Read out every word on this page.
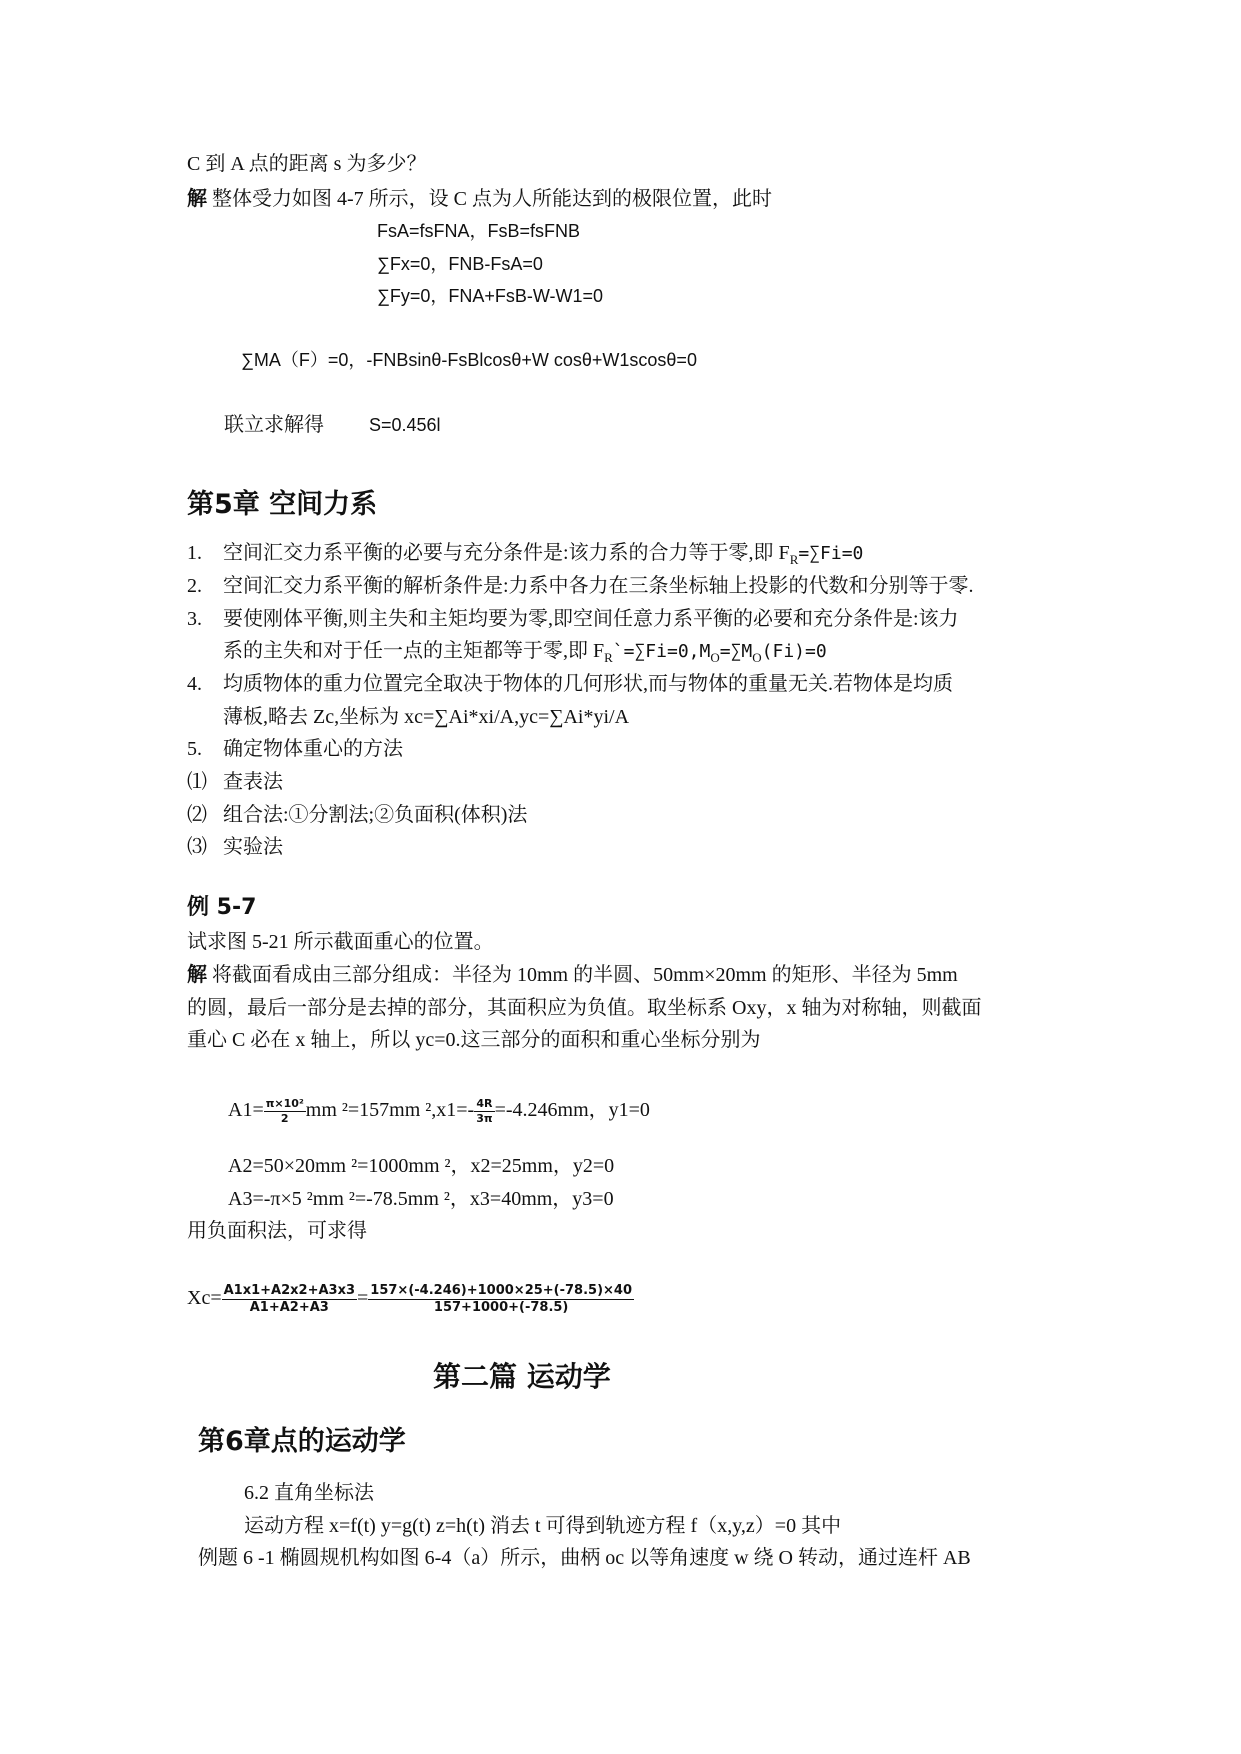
C 到 A 点的距离 s 为多少？
解 整体受力如图 4-7 所示，设 C 点为人所能达到的极限位置，此时
FsA=fsFNA，FsB=fsFNB
∑Fx=0，FNB-FsA=0
∑Fy=0，FNA+FsB-W-W1=0
∑MA（F）=0，-FNBsinθ-FsBlcosθ+W cosθ+W1scosθ=0
联立求解得	S=0.456l
第5章 空间力系
1. 空间汇交力系平衡的必要与充分条件是:该力系的合力等于零,即 $F_R=\sum Fi=0$
2. 空间汇交力系平衡的解析条件是:力系中各力在三条坐标轴上投影的代数和分别等于零.
3. 要使刚体平衡,则主失和主矩均要为零,即空间任意力系平衡的必要和充分条件是:该力
系的主失和对于任一点的主矩都等于零,即 $F_R`=\sum Fi=0,M_O=\sum M_O(Fi)=0$
4. 均质物体的重力位置完全取决于物体的几何形状,而与物体的重量无关.若物体是均质
薄板,略去 Zc,坐标为 xc=∑Ai*xi/A,yc=∑Ai*yi/A
5. 确定物体重心的方法
⑴ 查表法
⑵ 组合法:①分割法;②负面积(体积)法
⑶ 实验法
例 5-7
试求图 5-21 所示截面重心的位置。
解 将截面看成由三部分组成：半径为 10mm 的半圆、50mm×20mm 的矩形、半径为 5mm
的圆，最后一部分是去掉的部分，其面积应为负值。取坐标系 Oxy，x 轴为对称轴，则截面
重心 C 必在 x 轴上，所以 yc=0.这三部分的面积和重心坐标分别为
$A1= \frac{\text{π×10²}}{2}$ mm ²=157mm $^2,x1=- \frac{4R}{3\pi} =-4.246mm$，y1=0
A2=50×20mm ²=1000mm ²，x2=25mm，y2=0
A3=-π×5 ²mm ²=-78.5mm ²，x3=40mm，y3=0
用负面积法，可求得
$Xc= \frac{A1x1+A2x2+A3x3}{A1+A2+A3} = \frac{157\times(-4.246)+1000\times 25+(-78.5)\times 40}{157+1000+(-78.5)}$
第二篇 运动学
第6章点的运动学
6.2 直角坐标法
运动方程 x=f(t) y=g(t) z=h(t) 消去 t 可得到轨迹方程 f（x,y,z）=0 其中
例题 6 -1 椭圆规机构如图 6-4（a）所示，曲柄 oc 以等角速度 w 绕 O 转动，通过连杆 AB
